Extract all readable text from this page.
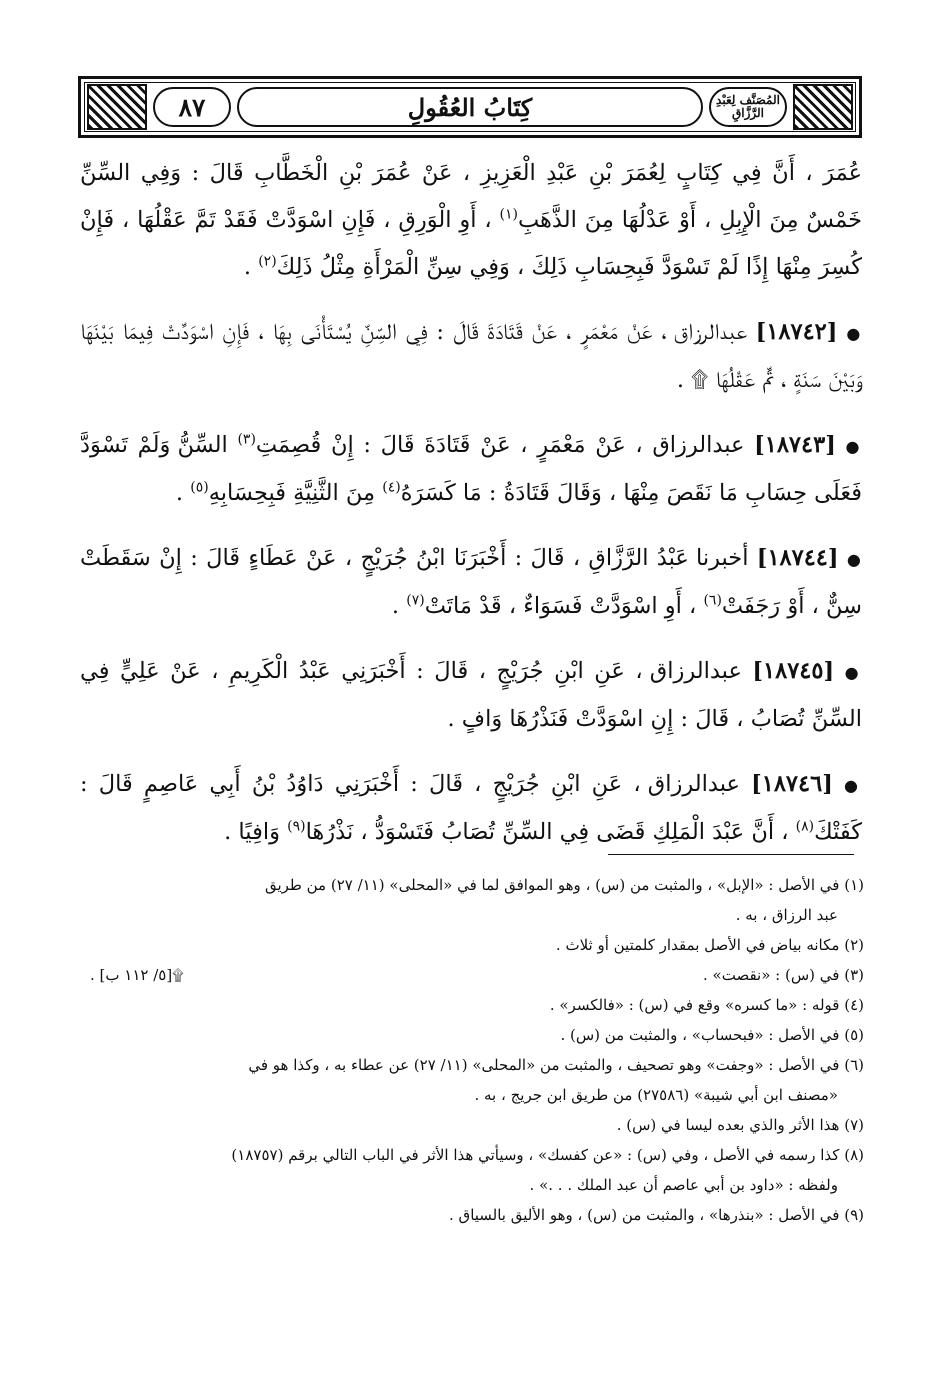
٨٧	كِتَابُ العُقُولِ	المُصَنَّف لِعَبْدِ الرَّزَّاقِ

عُمَرَ ، أَنَّ فِي كِتَابٍ لِعُمَرَ بْنِ عَبْدِ الْعَزِيزِ ، عَنْ عُمَرَ بْنِ الْخَطَّابِ قَالَ : وَفِي السِّنِّ خَمْسٌ مِنَ الْإِبِلِ ، أَوْ عَدْلُهَا مِنَ الذَّهَبِ$^{(١)}$ ، أَوِ الْوَرِقِ ، فَإِنِ اسْوَدَّتْ فَقَدْ تَمَّ عَقْلُهَا ، فَإِنْ كُسِرَ مِنْهَا إِذًا لَمْ تَسْوَدَّ فَبِحِسَابِ ذَلِكَ ، وَفِي سِنِّ الْمَرْأَةِ مِثْلُ ذَلِكَ$^{(٢)}$ .

● [١٨٧٤٢] عبدالرزاق ، عَنْ مَعْمَرٍ ، عَنْ قَتَادَةَ قَالَ : فِي السِّنِّ يُسْتَأْنَى بِهَا ، فَإِنِ اسْوَدَّتْ فِيمَا بَيْنَهَا وَبَيْنَ سَنَةٍ ، تَمَّ عَقْلُهَا ۩ .

● [١٨٧٤٣] عبدالرزاق ، عَنْ مَعْمَرٍ ، عَنْ قَتَادَةَ قَالَ : إِنْ قُصِمَتِ$^{(٣)}$ السِّنُّ وَلَمْ تَسْوَدَّ فَعَلَى حِسَابِ مَا نَقَصَ مِنْهَا ، وَقَالَ قَتَادَةُ : مَا كَسَرَهُ$^{(٤)}$ مِنَ الثَّنِيَّةِ فَبِحِسَابِهِ$^{(٥)}$ .

● [١٨٧٤٤] أخبرنا عَبْدُ الرَّزَّاقِ ، قَالَ : أَخْبَرَنَا ابْنُ جُرَيْجٍ ، عَنْ عَطَاءٍ قَالَ : إِنْ سَقَطَتْ سِنٌّ ، أَوْ رَجَفَتْ$^{(٦)}$ ، أَوِ اسْوَدَّتْ فَسَوَاءٌ ، قَدْ مَاتَتْ$^{(٧)}$ .

● [١٨٧٤٥] عبدالرزاق ، عَنِ ابْنِ جُرَيْجٍ ، قَالَ : أَخْبَرَنِي عَبْدُ الْكَرِيمِ ، عَنْ عَلِيٍّ فِي السِّنِّ تُصَابُ ، قَالَ : إِنِ اسْوَدَّتْ فَنَذْرُهَا وَافٍ .

● [١٨٧٤٦] عبدالرزاق ، عَنِ ابْنِ جُرَيْجٍ ، قَالَ : أَخْبَرَنِي دَاوُدُ بْنُ أَبِي عَاصِمٍ قَالَ : كَفَتْكَ$^{(٨)}$ ، أَنَّ عَبْدَ الْمَلِكِ قَضَى فِي السِّنِّ تُصَابُ فَتَسْوَدُّ ، نَذْرُهَا$^{(٩)}$ وَافِيًا .

(١) في الأصل : «الإبل» ، والمثبت من (س) ، وهو الموافق لما في «المحلى» (١١/ ٢٧) من طريق

عبد الرزاق ، به .

(٢) مكانه بياض في الأصل بمقدار كلمتين أو ثلاث .

(٣) في (س) : «نقصت» .
۩[٥/ ١١٢ ب] .

(٤) قوله : «ما كسره» وقع في (س) : «فالكسر» .

(٥) في الأصل : «فبحساب» ، والمثبت من (س) .

(٦) في الأصل : «وجفت» وهو تصحيف ، والمثبت من «المحلى» (١١/ ٢٧) عن عطاء به ، وكذا هو في

«مصنف ابن أبي شيبة» (٢٧٥٨٦) من طريق ابن جريج ، به .

(٧) هذا الأثر والذي بعده ليسا في (س) .

(٨) كذا رسمه في الأصل ، وفي (س) : «عن كفسك» ، وسيأتي هذا الأثر في الباب التالي برقم (١٨٧٥٧)

ولفظه : «داود بن أبي عاصم أن عبد الملك . . .» .

(٩) في الأصل : «بنذرها» ، والمثبت من (س) ، وهو الأليق بالسياق .
